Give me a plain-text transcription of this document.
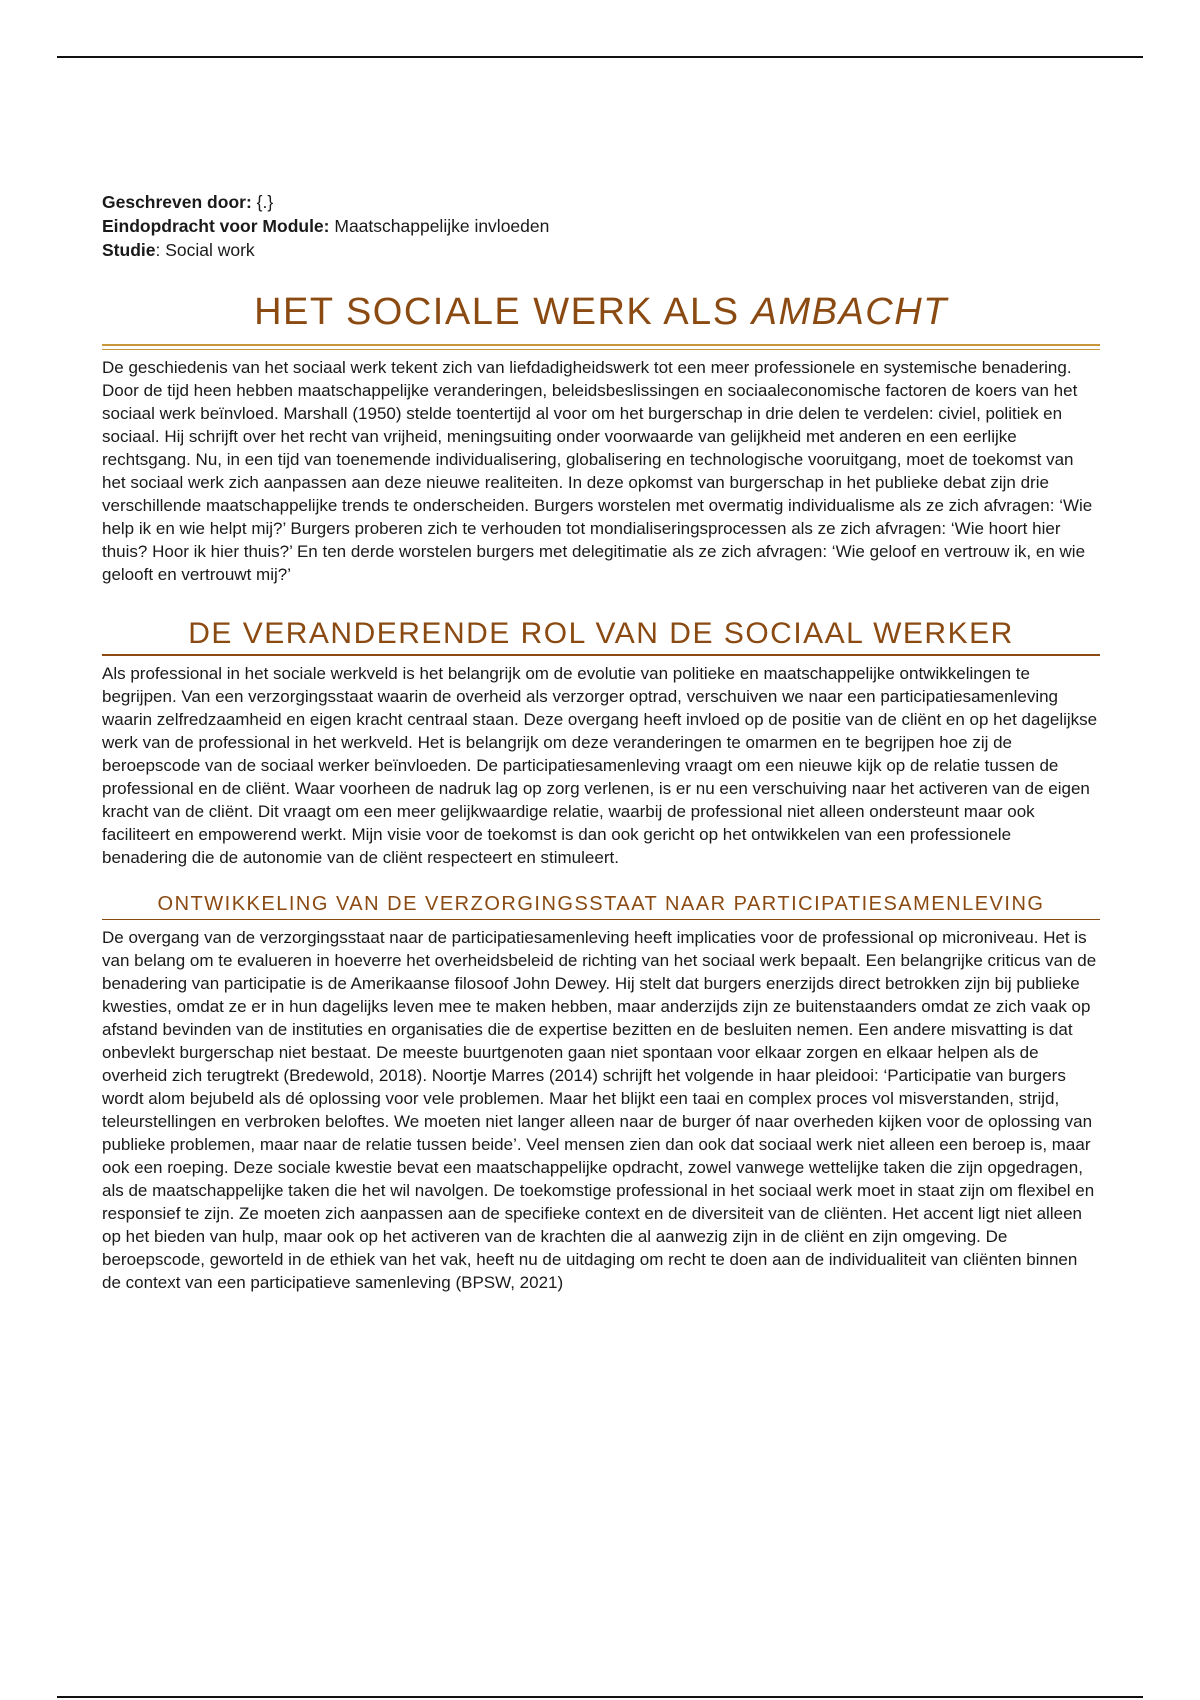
Geschreven door: {.}
Eindopdracht voor Module: Maatschappelijke invloeden
Studie: Social work
HET SOCIALE WERK ALS AMBACHT

De geschiedenis van het sociaal werk tekent zich van liefdadigheidswerk tot een meer professionele en systemische benadering. Door de tijd heen hebben maatschappelijke veranderingen, beleidsbeslissingen en sociaaleconomische factoren de koers van het sociaal werk beïnvloed. Marshall (1950) stelde toentertijd al voor om het burgerschap in drie delen te verdelen: civiel, politiek en sociaal. Hij schrijft over het recht van vrijheid, meningsuiting onder voorwaarde van gelijkheid met anderen en een eerlijke rechtsgang. Nu, in een tijd van toenemende individualisering, globalisering en technologische vooruitgang, moet de toekomst van het sociaal werk zich aanpassen aan deze nieuwe realiteiten. In deze opkomst van burgerschap in het publieke debat zijn drie verschillende maatschappelijke trends te onderscheiden. Burgers worstelen met overmatig individualisme als ze zich afvragen: ‘Wie help ik en wie helpt mij?’ Burgers proberen zich te verhouden tot mondialiseringsprocessen als ze zich afvragen: ‘Wie hoort hier thuis? Hoor ik hier thuis?’ En ten derde worstelen burgers met delegitimatie als ze zich afvragen: ‘Wie geloof en vertrouw ik, en wie gelooft en vertrouwt mij?’

DE VERANDERENDE ROL VAN DE SOCIAAL WERKER

Als professional in het sociale werkveld is het belangrijk om de evolutie van politieke en maatschappelijke ontwikkelingen te begrijpen. Van een verzorgingsstaat waarin de overheid als verzorger optrad, verschuiven we naar een participatiesamenleving waarin zelfredzaamheid en eigen kracht centraal staan. Deze overgang heeft invloed op de positie van de cliënt en op het dagelijkse werk van de professional in het werkveld. Het is belangrijk om deze veranderingen te omarmen en te begrijpen hoe zij de beroepscode van de sociaal werker beïnvloeden. De participatiesamenleving vraagt om een nieuwe kijk op de relatie tussen de professional en de cliënt. Waar voorheen de nadruk lag op zorg verlenen, is er nu een verschuiving naar het activeren van de eigen kracht van de cliënt. Dit vraagt om een meer gelijkwaardige relatie, waarbij de professional niet alleen ondersteunt maar ook faciliteert en empowerend werkt. Mijn visie voor de toekomst is dan ook gericht op het ontwikkelen van een professionele benadering die de autonomie van de cliënt respecteert en stimuleert.

ONTWIKKELING VAN DE VERZORGINGSSTAAT NAAR PARTICIPATIESAMENLEVING

De overgang van de verzorgingsstaat naar de participatiesamenleving heeft implicaties voor de professional op microniveau. Het is van belang om te evalueren in hoeverre het overheidsbeleid de richting van het sociaal werk bepaalt. Een belangrijke criticus van de benadering van participatie is de Amerikaanse filosoof John Dewey. Hij stelt dat burgers enerzijds direct betrokken zijn bij publieke kwesties, omdat ze er in hun dagelijks leven mee te maken hebben, maar anderzijds zijn ze buitenstaanders omdat ze zich vaak op afstand bevinden van de instituties en organisaties die de expertise bezitten en de besluiten nemen. Een andere misvatting is dat onbevlekt burgerschap niet bestaat. De meeste buurtgenoten gaan niet spontaan voor elkaar zorgen en elkaar helpen als de overheid zich terugtrekt (Bredewold, 2018). Noortje Marres (2014) schrijft het volgende in haar pleidooi: ‘Participatie van burgers wordt alom bejubeld als dé oplossing voor vele problemen. Maar het blijkt een taai en complex proces vol misverstanden, strijd, teleurstellingen en verbroken beloftes. We moeten niet langer alleen naar de burger óf naar overheden kijken voor de oplossing van publieke problemen, maar naar de relatie tussen beide’. Veel mensen zien dan ook dat sociaal werk niet alleen een beroep is, maar ook een roeping. Deze sociale kwestie bevat een maatschappelijke opdracht, zowel vanwege wettelijke taken die zijn opgedragen, als de maatschappelijke taken die het wil navolgen. De toekomstige professional in het sociaal werk moet in staat zijn om flexibel en responsief te zijn. Ze moeten zich aanpassen aan de specifieke context en de diversiteit van de cliënten. Het accent ligt niet alleen op het bieden van hulp, maar ook op het activeren van de krachten die al aanwezig zijn in de cliënt en zijn omgeving. De beroepscode, geworteld in de ethiek van het vak, heeft nu de uitdaging om recht te doen aan de individualiteit van cliënten binnen de context van een participatieve samenleving (BPSW, 2021)
